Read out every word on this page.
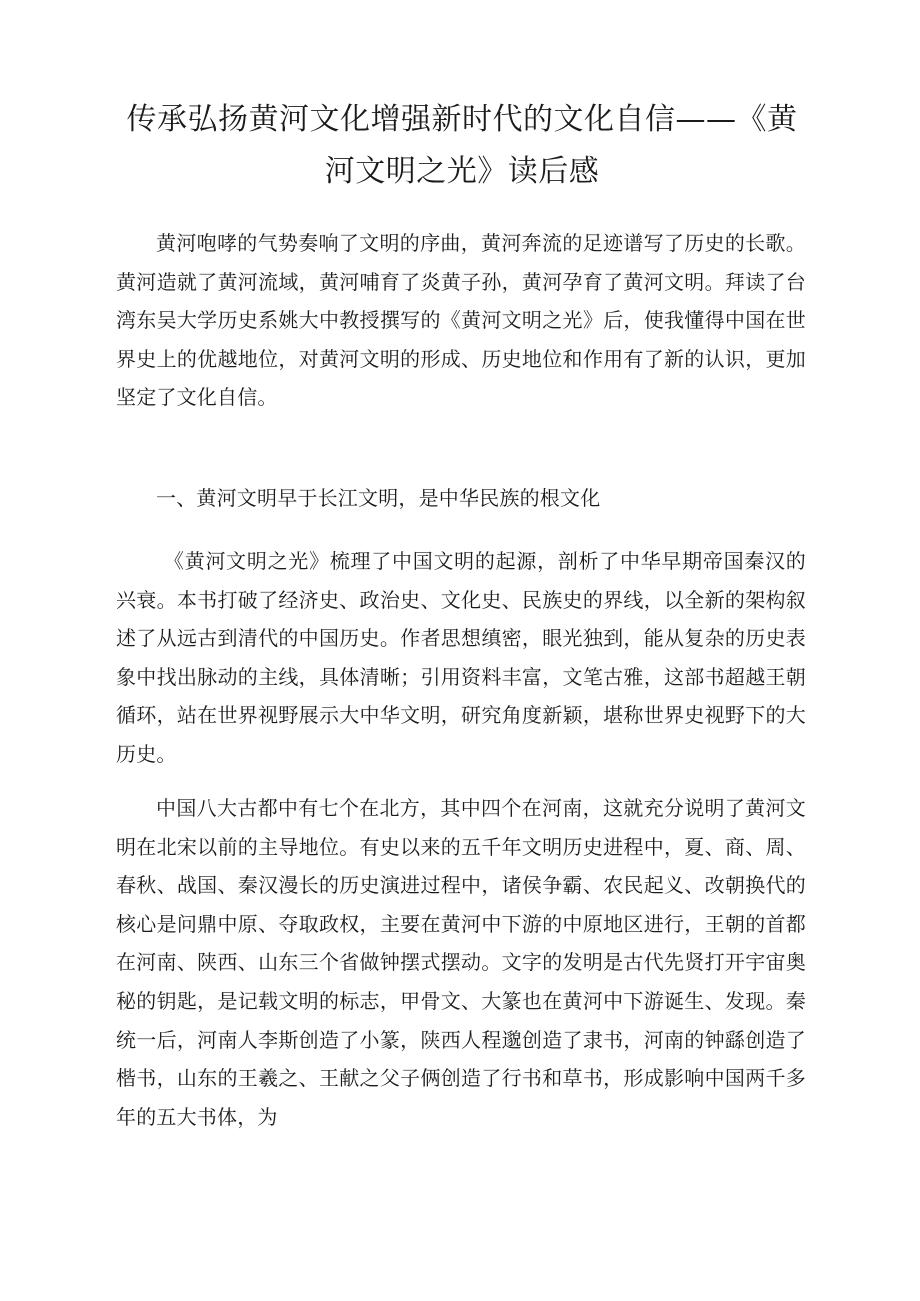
传承弘扬黄河文化增强新时代的文化自信——《黄河文明之光》读后感

黄河咆哮的气势奏响了文明的序曲，黄河奔流的足迹谱写了历史的长歌。黄河造就了黄河流域，黄河哺育了炎黄子孙，黄河孕育了黄河文明。拜读了台湾东吴大学历史系姚大中教授撰写的《黄河文明之光》后，使我懂得中国在世界史上的优越地位，对黄河文明的形成、历史地位和作用有了新的认识，更加坚定了文化自信。

一、黄河文明早于长江文明，是中华民族的根文化

《黄河文明之光》梳理了中国文明的起源，剖析了中华早期帝国秦汉的兴衰。本书打破了经济史、政治史、文化史、民族史的界线，以全新的架构叙述了从远古到清代的中国历史。作者思想缜密，眼光独到，能从复杂的历史表象中找出脉动的主线，具体清晰；引用资料丰富，文笔古雅，这部书超越王朝循环，站在世界视野展示大中华文明，研究角度新颖，堪称世界史视野下的大历史。

中国八大古都中有七个在北方，其中四个在河南，这就充分说明了黄河文明在北宋以前的主导地位。有史以来的五千年文明历史进程中，夏、商、周、春秋、战国、秦汉漫长的历史演进过程中，诸侯争霸、农民起义、改朝换代的核心是问鼎中原、夺取政权，主要在黄河中下游的中原地区进行，王朝的首都在河南、陕西、山东三个省做钟摆式摆动。文字的发明是古代先贤打开宇宙奥秘的钥匙，是记载文明的标志，甲骨文、大篆也在黄河中下游诞生、发现。秦统一后，河南人李斯创造了小篆，陕西人程邈创造了隶书，河南的钟繇创造了楷书，山东的王羲之、王献之父子俩创造了行书和草书，形成影响中国两千多年的五大书体，为
